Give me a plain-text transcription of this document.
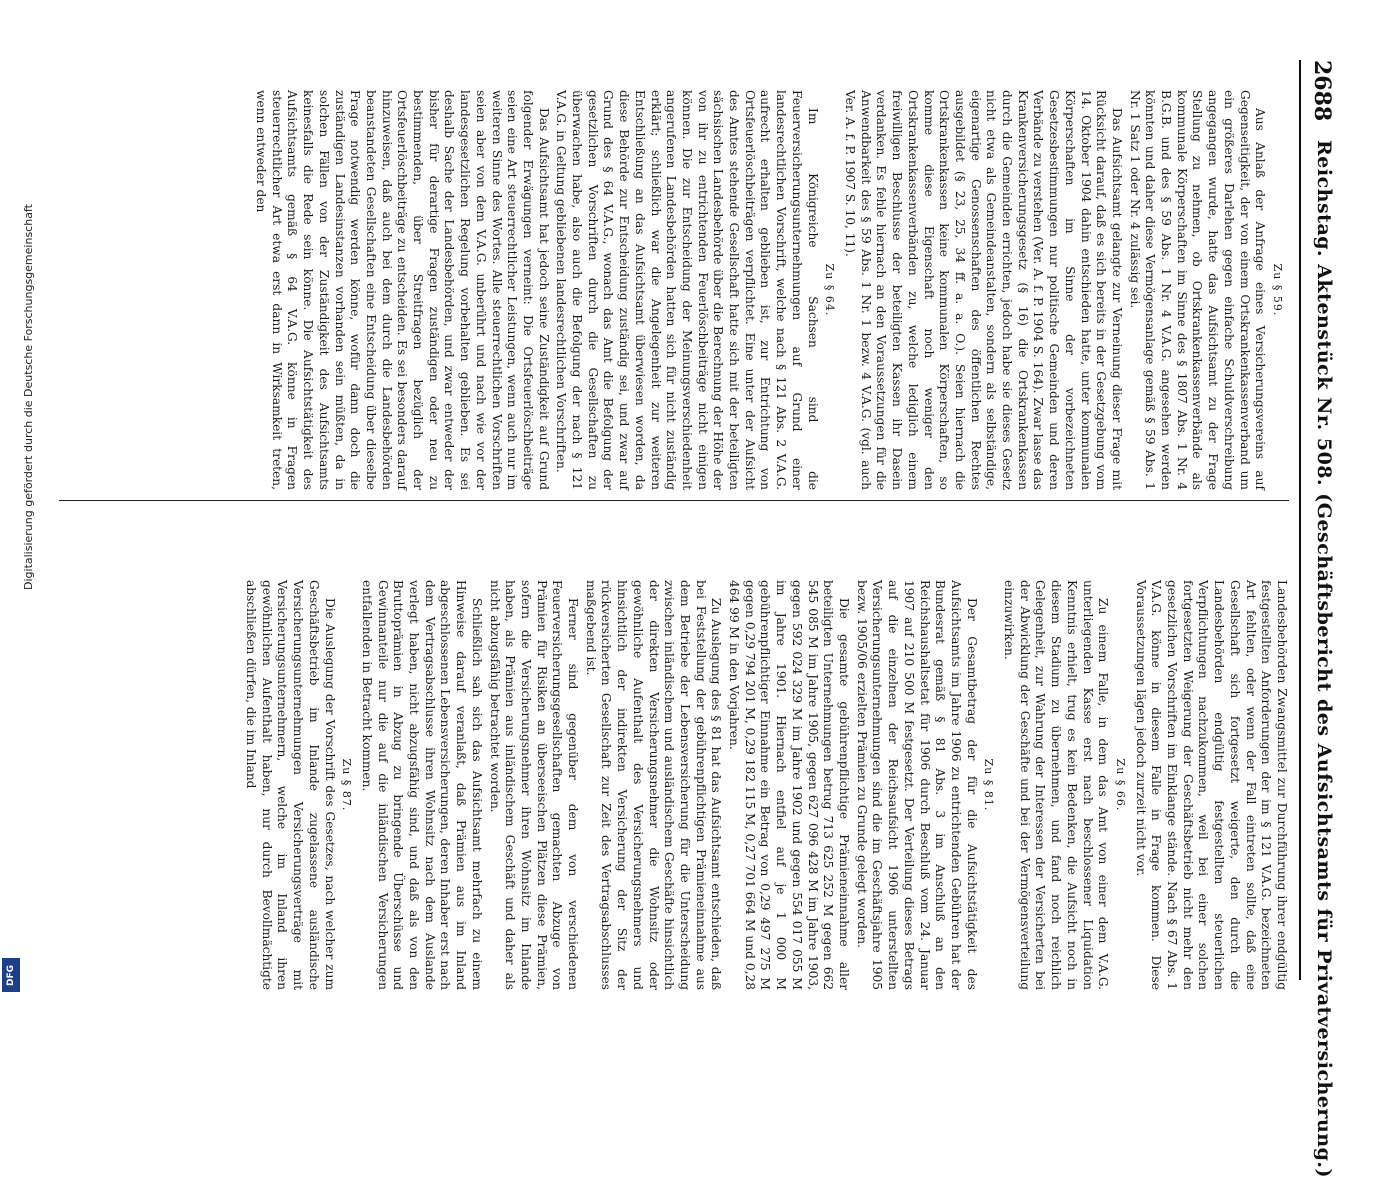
Digitalisierung gefördert durch die Deutsche Forschungsgemeinschaft
DFG
2688
Reichstag. Aktenstück Nr. 508. (Geschäftsbericht des Aufsichtsamts für Privatversicherung.)
Zu § 59.

Aus Anlaß der Anfrage eines Versicherungsvereins auf Gegenseitigkeit, der von einem Ortskrankenkassenverband um ein größeres Darlehen gegen einfache Schuldverschreibung angegangen wurde, hatte das Aufsichtsamt zu der Frage Stellung zu nehmen, ob Ortskrankenkassenverbände als kommunale Körperschaften im Sinne des § 1807 Abs. 1 Nr. 4 B.G.B. und des § 59 Abs. 1 Nr. 4 V.A.G. angesehen werden könnten und daher diese Vermögensanlage gemäß § 59 Abs. 1 Nr. 1 Satz 1 oder Nr. 4 zulässig sei.

Das Aufsichtsamt gelangte zur Verneinung dieser Frage mit Rücksicht darauf, daß es sich bereits in der Gesetzgebung vom 14. Oktober 1904 dahin entschieden hatte, unter kommunalen Körperschaften im Sinne der vorbezeichneten Gesetzesbestimmungen nur politische Gemeinden und deren Verbände zu verstehen (Ver. A. f. P. 1904 S. 164). Zwar lasse das Krankenversicherungsgesetz (§ 16) die Ortskrankenkassen durch die Gemeinden errichten, jedoch habe sie dieses Gesetz nicht etwa als Gemeindeanstalten, sondern als selbständige, eigenartige Genossenschaften des öffentlichen Rechtes ausgebildet (§ 23, 25, 34 ff. a. a. O.). Seien hiernach die Ortskrankenkassen keine kommunalen Körperschaften, so komme diese Eigenschaft noch weniger den Ortskrankenkassenverbänden zu, welche lediglich einem freiwilligen Beschlusse der beteiligten Kassen ihr Dasein verdanken. Es fehle hiernach an den Voraussetzungen für die Anwendbarkeit des § 59 Abs. 1 Nr. 1 bezw. 4 V.A.G. (vgl. auch Ver. A. f. P. 1907 S. 10, 11).

Zu § 64.

Im Königreiche Sachsen sind die Feuerversicherungsunternehmungen auf Grund einer landesrechtlichen Vorschrift, welche nach § 121 Abs. 2 V.A.G. aufrecht erhalten geblieben ist, zur Entrichtung von Ortsfeuerlöschbeiträgen verpflichtet. Eine unter der Aufsicht des Amtes stehende Gesellschaft hatte sich mit der beteiligten sächsischen Landesbehörde über die Berechnung der Höhe der von ihr zu entrichtenden Feuerlöschbeiträge nicht einigen können. Die zur Entscheidung der Meinungsverschiedenheit angerufenen Landesbehörden hatten sich für nicht zuständig erklärt; schließlich war die Angelegenheit zur weiteren Entschließung an das Aufsichtsamt überwiesen worden, da diese Behörde zur Entscheidung zuständig sei, und zwar auf Grund des § 64 V.A.G., wonach das Amt die Befolgung der gesetzlichen Vorschriften durch die Gesellschaften zu überwachen habe, also auch die Befolgung der nach § 121 V.A.G. in Geltung gebliebenen landesrechtlichen Vorschriften.

Das Aufsichtsamt hat jedoch seine Zuständigkeit auf Grund folgender Erwägungen verneint: Die Ortsfeuerlöschbeiträge seien eine Art steuerrechtlicher Leistungen, wenn auch nur im weiteren Sinne des Wortes. Alle steuerrechtlichen Vorschriften seien aber von dem V.A.G. unberührt und nach wie vor der landesgesetzlichen Regelung vorbehalten geblieben. Es sei deshalb Sache der Landesbehörden, und zwar entweder der bisher für derartige Fragen zuständigen oder neu zu bestimmenden, über Streitfragen bezüglich der Ortsfeuerlöschbeiträge zu entscheiden. Es sei besonders darauf hinzuweisen, daß auch bei dem durch die Landesbehörden beanstandeten Gesellschaften eine Entscheidung über dieselbe Frage notwendig werden könne, wofür dann doch die zuständigen Landesinstanzen vorhanden sein müßten, da in solchen Fällen von der Zuständigkeit des Aufsichtsamts keinesfalls die Rede sein könne. Die Aufsichtstätigkeit des Aufsichtsamts gemäß § 64 V.A.G. könne in Fragen steuerrechtlicher Art etwa erst dann in Wirksamkeit treten, wenn entweder den

Landesbehörden Zwangsmittel zur Durchführung ihrer endgültig festgestellten Anforderungen der im § 121 V.A.G. bezeichneten Art fehlten, oder wenn der Fall eintreten sollte, daß eine Gesellschaft sich fortgesetzt weigerte, den durch die Landesbehörden endgültig festgestellten steuerlichen Verpflichtungen nachzukommen, weil bei einer solchen fortgesetzten Weigerung der Geschäftsbetrieb nicht mehr den gesetzlichen Vorschriften im Einklange stände. Nach § 67 Abs. 1 V.A.G. könne in diesem Falle in Frage kommen. Diese Voraussetzungen lägen jedoch zurzeit nicht vor.

Zu § 66.

Zu einem Falle, in dem das Amt von einer dem V.A.G. unterliegenden Kasse erst nach beschlossener Liquidation Kenntnis erhielt, trug es kein Bedenken, die Aufsicht noch in diesem Stadium zu übernehmen, und fand noch reichlich Gelegenheit, zur Wahrung der Interessen der Versicherten bei der Abwicklung der Geschäfte und bei der Vermögensverteilung einzuwirken.

Zu § 81.

Der Gesamtbetrag der für die Aufsichtstätigkeit des Aufsichtsamts im Jahre 1906 zu entrichtenden Gebühren hat der Bundesrat gemäß § 81 Abs. 3 im Anschluß an den Reichshaushaltsetat für 1906 durch Beschluß vom 24. Januar 1907 auf 210 500 M festgesetzt. Der Verteilung dieses Betrags auf die einzelnen der Reichsaufsicht 1906 unterstellten Versicherungsunternehmungen sind die im Geschäftsjahre 1905 bezw. 1905/06 erzielten Prämien zu Grunde gelegt worden.

Die gesamte gebührenpflichtige Prämieneinnahme aller beteiligten Unternehmungen betrug 713 625 252 M gegen 662 545 085 M im Jahre 1905, gegen 627 096 428 M im Jahre 1903, gegen 592 024 329 M im Jahre 1902 und gegen 554 017 055 M im Jahre 1901. Hiernach entfiel auf je 1 000 M gebührenpflichtiger Einnahme ein Betrag von 0,29 497 275 M gegen 0,29 794 201 M, 0,29 182 115 M, 0,27 701 664 M und 0,28 464 99 M in den Vorjahren.

Zu Auslegung des § 81 hat das Aufsichtsamt entschieden, daß bei Feststellung der gebührenpflichtigen Prämieneinnahme aus dem Betriebe der Lebensversicherung für die Unterscheidung zwischen inländischem und ausländischem Geschäfte hinsichtlich der direkten Versicherungsnehmer die Wohnsitz oder gewöhnliche Aufenthalt des Versicherungsnehmers und hinsichtlich der indirekten Versicherung der Sitz der rückversicherten Gesellschaft zur Zeit des Vertragsabschlusses maßgebend ist.

Ferner sind gegenüber dem von verschiedenen Feuerversicherungsgesellschaften gemachten Abzuge von Prämien für Risiken an überseeischen Plätzen diese Prämien, sofern die Versicherungsnehmer ihren Wohnsitz im Inlande haben, als Prämien aus inländischem Geschäft und daher als nicht abzugsfähig betrachtet worden.

Schließlich sah sich das Aufsichtsamt mehrfach zu einem Hinweise darauf veranlaßt, daß Prämien aus im Inland abgeschlossenen Lebensversicherungen, deren Inhaber erst nach dem Vertragsabschlusse ihren Wohnsitz nach dem Auslande verlegt haben, nicht abzugsfähig sind, und daß als von den Bruttoprämien in Abzug zu bringende Überschüsse und Gewinnanteile nur die auf die inländischen Versicherungen entfallenden in Betracht kommen.

Zu § 87.

Die Auslegung der Vorschrift des Gesetzes, nach welcher zum Geschäftsbetrieb im Inlande zugelassene ausländische Versicherungsunternehmungen Versicherungsverträge mit Versicherungsunternehmern, welche im Inland ihren gewöhnlichen Aufenthalt haben, nur durch Bevollmächtigte abschließen dürfen, die im Inland
